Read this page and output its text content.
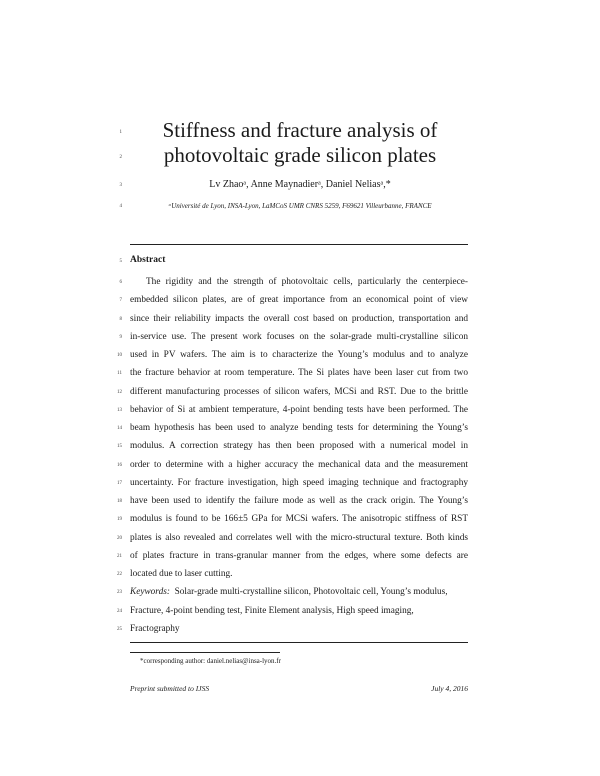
1
2
3
4
5
6
7
8
9
10
11
12
13
14
15
16
17
18
19
20
21
22
23
24
25
Stiffness and fracture analysis of
photovoltaic grade silicon plates
Lv Zhaoᵃ, Anne Maynadierᵃ, Daniel Neliasᵃ,*
ᵃUniversité de Lyon, INSA-Lyon, LaMCoS UMR CNRS 5259, F69621 Villeurbanne, FRANCE
Abstract
The rigidity and the strength of photovoltaic cells, particularly the centerpiece-
embedded silicon plates, are of great importance from an economical point of view
since their reliability impacts the overall cost based on production, transportation and
in-service use. The present work focuses on the solar-grade multi-crystalline silicon
used in PV wafers. The aim is to characterize the Young’s modulus and to analyze
the fracture behavior at room temperature. The Si plates have been laser cut from two
different manufacturing processes of silicon wafers, MCSi and RST. Due to the brittle
behavior of Si at ambient temperature, 4-point bending tests have been performed. The
beam hypothesis has been used to analyze bending tests for determining the Young’s
modulus. A correction strategy has then been proposed with a numerical model in
order to determine with a higher accuracy the mechanical data and the measurement
uncertainty. For fracture investigation, high speed imaging technique and fractography
have been used to identify the failure mode as well as the crack origin. The Young’s
modulus is found to be 166±5 GPa for MCSi wafers. The anisotropic stiffness of RST
plates is also revealed and correlates well with the micro-structural texture. Both kinds
of plates fracture in trans-granular manner from the edges, where some defects are
located due to laser cutting.
Keywords: Solar-grade multi-crystalline silicon, Photovoltaic cell, Young’s modulus,
Fracture, 4-point bending test, Finite Element analysis, High speed imaging,
Fractography
*corresponding author: daniel.nelias@insa-lyon.fr
Preprint submitted to IJSS	July 4, 2016
